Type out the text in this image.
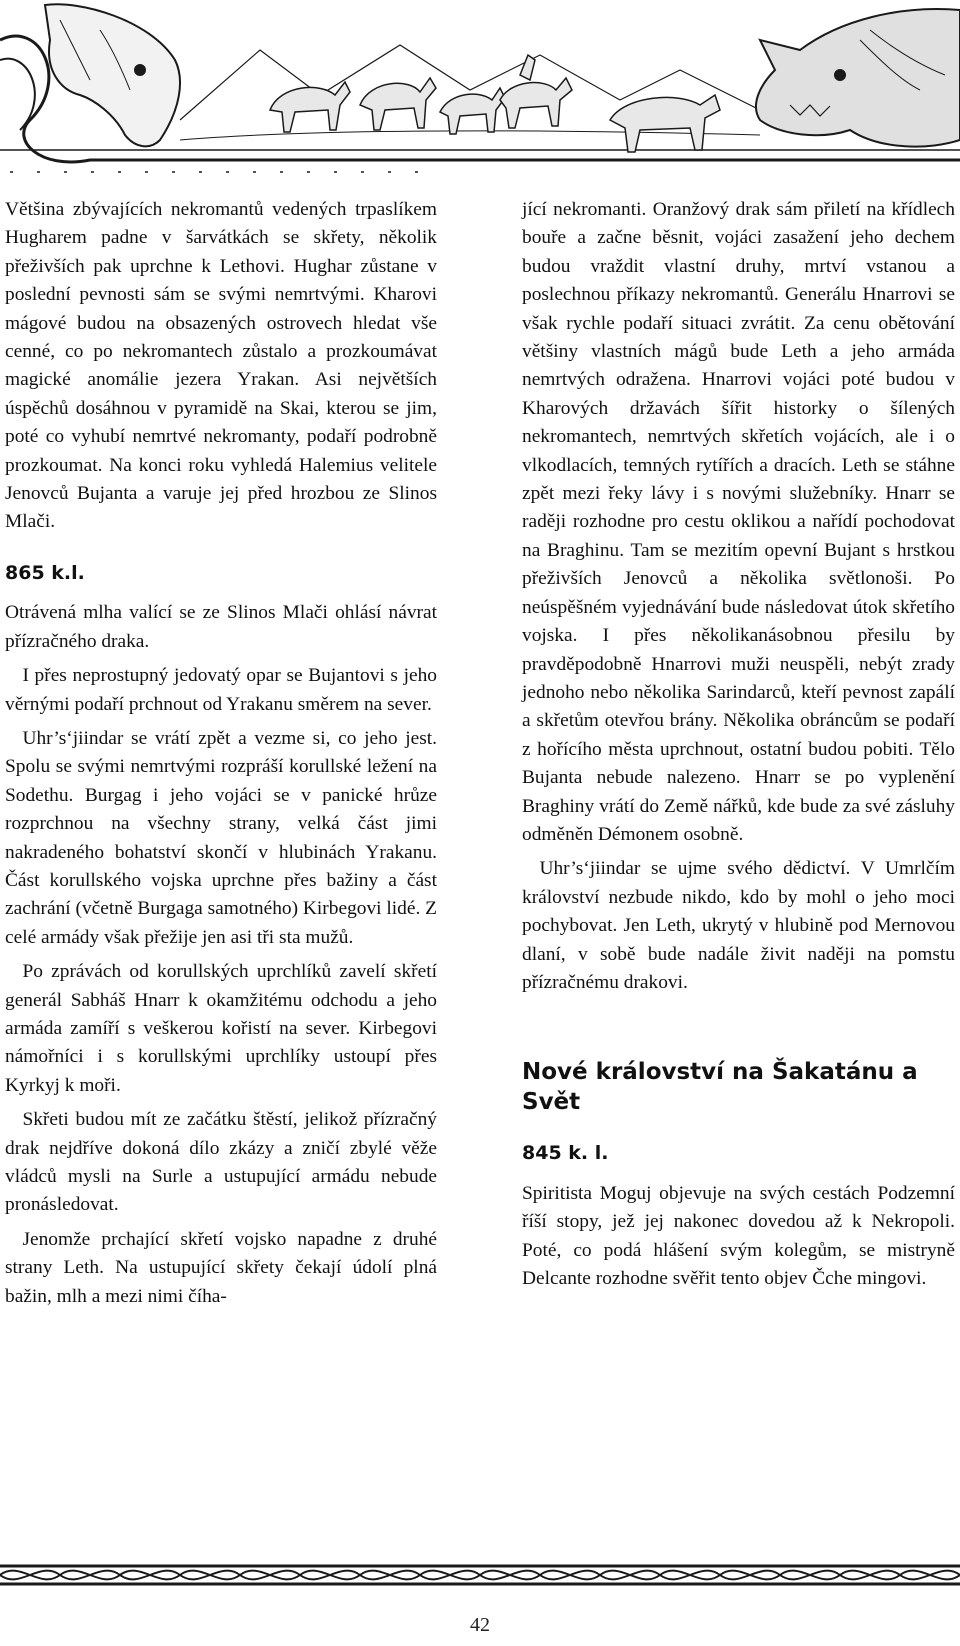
Většina zbývajících nekromantů vedených trpaslíkem Hugharem padne v šarvátkách se skřety, několik přeživších pak uprchne k Lethovi. Hughar zůstane v poslední pevnosti sám se svými nemrtvými. Kharovi mágové budou na obsazených ostrovech hledat vše cenné, co po nekromantech zůstalo a prozkoumávat magické anomálie jezera Yrakan. Asi největších úspěchů dosáhnou v pyramidě na Skai, kterou se jim, poté co vyhubí nemrtvé nekromanty, podaří podrobně prozkoumat. Na konci roku vyhledá Halemius velitele Jenovců Bujanta a varuje jej před hrozbou ze Slinos Mlači.

865 k.l.

Otrávená mlha valící se ze Slinos Mlači ohlásí návrat přízračného draka.

I přes neprostupný jedovatý opar se Bujantovi s jeho věrnými podaří prchnout od Yrakanu směrem na sever.

Uhr’s‘jiindar se vrátí zpět a vezme si, co jeho jest. Spolu se svými nemrtvými rozpráší korullské ležení na Sodethu. Burgag i jeho vojáci se v panické hrůze rozprchnou na všechny strany, velká část jimi nakradeného bohatství skončí v hlubinách Yrakanu. Část korullského vojska uprchne přes bažiny a část zachrání (včetně Burgaga samotného) Kirbegovi lidé. Z celé armády však přežije jen asi tři sta mužů.

Po zprávách od korullských uprchlíků zavelí skřetí generál Sabháš Hnarr k okamžitému odchodu a jeho armáda zamíří s veškerou kořistí na sever. Kirbegovi námořníci i s korullskými uprchlíky ustoupí přes Kyrkyj k moři.

Skřeti budou mít ze začátku štěstí, jelikož přízračný drak nejdříve dokoná dílo zkázy a zničí zbylé věže vládců mysli na Surle a ustupující armádu nebude pronásledovat.

Jenomže prchající skřetí vojsko napadne z druhé strany Leth. Na ustupující skřety čekají údolí plná bažin, mlh a mezi nimi číha-

jící nekromanti. Oranžový drak sám přiletí na křídlech bouře a začne běsnit, vojáci zasažení jeho dechem budou vraždit vlastní druhy, mrtví vstanou a poslechnou příkazy nekromantů. Generálu Hnarrovi se však rychle podaří situaci zvrátit. Za cenu obětování většiny vlastních mágů bude Leth a jeho armáda nemrtvých odražena. Hnarrovi vojáci poté budou v Kharových državách šířit historky o šílených nekromantech, nemrtvých skřetích vojácích, ale i o vlkodlacích, temných rytířích a dracích. Leth se stáhne zpět mezi řeky lávy i s novými služebníky. Hnarr se raději rozhodne pro cestu oklikou a nařídí pochodovat na Braghinu. Tam se mezitím opevní Bujant s hrstkou přeživších Jenovců a několika světlonoši. Po neúspěšném vyjednávání bude následovat útok skřetího vojska. I přes několikanásobnou přesilu by pravděpodobně Hnarrovi muži neuspěli, nebýt zrady jednoho nebo několika Sarindarců, kteří pevnost zapálí a skřetům otevřou brány. Několika obráncům se podaří z hořícího města uprchnout, ostatní budou pobiti. Tělo Bujanta nebude nalezeno. Hnarr se po vyplenění Braghiny vrátí do Země nářků, kde bude za své zásluhy odměněn Démonem osobně.

Uhr’s‘jiindar se ujme svého dědictví. V Umrlčím království nezbude nikdo, kdo by mohl o jeho moci pochybovat. Jen Leth, ukrytý v hlubině pod Mernovou dlaní, v sobě bude nadále živit naději na pomstu přízračnému drakovi.

Nové království na Šakatánu a Svět
845 k. l.

Spiritista Moguj objevuje na svých cestách Podzemní říší stopy, jež jej nakonec dovedou až k Nekropoli. Poté, co podá hlášení svým kolegům, se mistryně Delcante rozhodne svěřit tento objev Čche mingovi.

42
